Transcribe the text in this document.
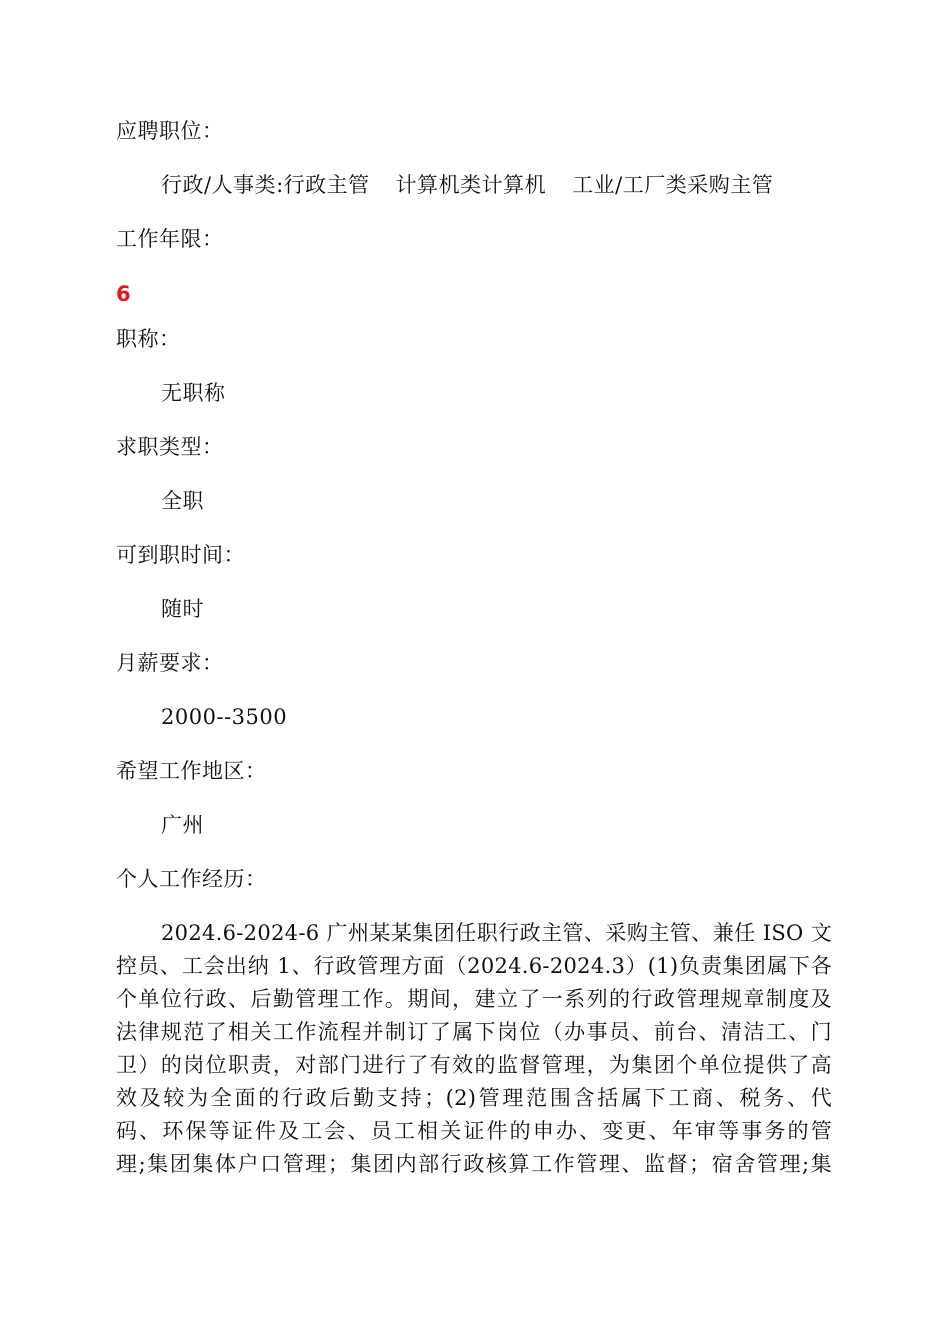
应聘职位：
行政/人事类:行政主管 计算机类计算机 工业/工厂类采购主管
工作年限：
6
职称：
无职称
求职类型：
全职
可到职时间：
随时
月薪要求：
2000--3500
希望工作地区：
广州
个人工作经历：
2024.6-2024-6 广州某某集团任职行政主管、采购主管、兼任 ISO 文
控员、工会出纳 1、行政管理方面（2024.6-2024.3）(1)负责集团属下各
个单位行政、后勤管理工作。期间，建立了一系列的行政管理规章制度及
法律规范了相关工作流程并制订了属下岗位（办事员、前台、清洁工、门
卫）的岗位职责，对部门进行了有效的监督管理，为集团个单位提供了高
效及较为全面的行政后勤支持；(2)管理范围含括属下工商、税务、代
码、环保等证件及工会、员工相关证件的申办、变更、年审等事务的管
理;集团集体户口管理；集团内部行政核算工作管理、监督；宿舍管理;集
